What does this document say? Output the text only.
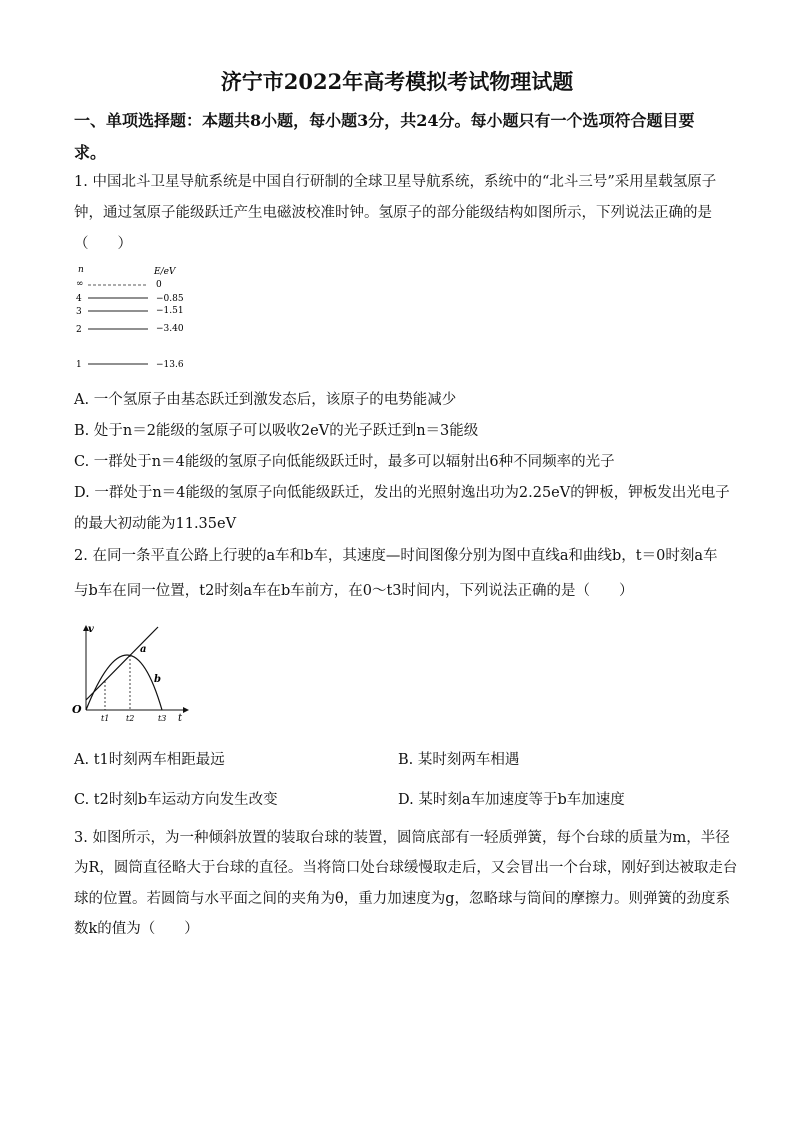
济宁市2022年高考模拟考试物理试题
一、单项选择题：本题共8小题，每小题3分，共24分。每小题只有一个选项符合题目要
求。
1. 中国北斗卫星导航系统是中国自行研制的全球卫星导航系统，系统中的“北斗三号”采用星载氢原子
钟，通过氢原子能级跃迁产生电磁波校准时钟。氢原子的部分能级结构如图所示，下列说法正确的是
（　　）
n	E/eV
∞	0
4	−0.85
3	−1.51
2	−3.40
1	−13.6
A. 一个氢原子由基态跃迁到激发态后，该原子的电势能减少
B. 处于n＝2能级的氢原子可以吸收2eV的光子跃迁到n＝3能级
C. 一群处于n＝4能级的氢原子向低能级跃迁时，最多可以辐射出6种不同频率的光子
D. 一群处于n＝4能级的氢原子向低能级跃迁，发出的光照射逸出功为2.25eV的钾板，钾板发出光电子
的最大初动能为11.35eV
2. 在同一条平直公路上行驶的a车和b车，其速度—时间图像分别为图中直线a和曲线b，t＝0时刻a车
与b车在同一位置，t2时刻a车在b车前方，在0～t3时间内，下列说法正确的是（　　）
v
t
O
a
b
t1 t2	t3
A. t1时刻两车相距最远	B. 某时刻两车相遇
C. t2时刻b车运动方向发生改变	D. 某时刻a车加速度等于b车加速度
3. 如图所示，为一种倾斜放置的装取台球的装置，圆筒底部有一轻质弹簧，每个台球的质量为m，半径
为R，圆筒直径略大于台球的直径。当将筒口处台球缓慢取走后，又会冒出一个台球，刚好到达被取走台
球的位置。若圆筒与水平面之间的夹角为θ，重力加速度为g，忽略球与筒间的摩擦力。则弹簧的劲度系
数k的值为（　　）
